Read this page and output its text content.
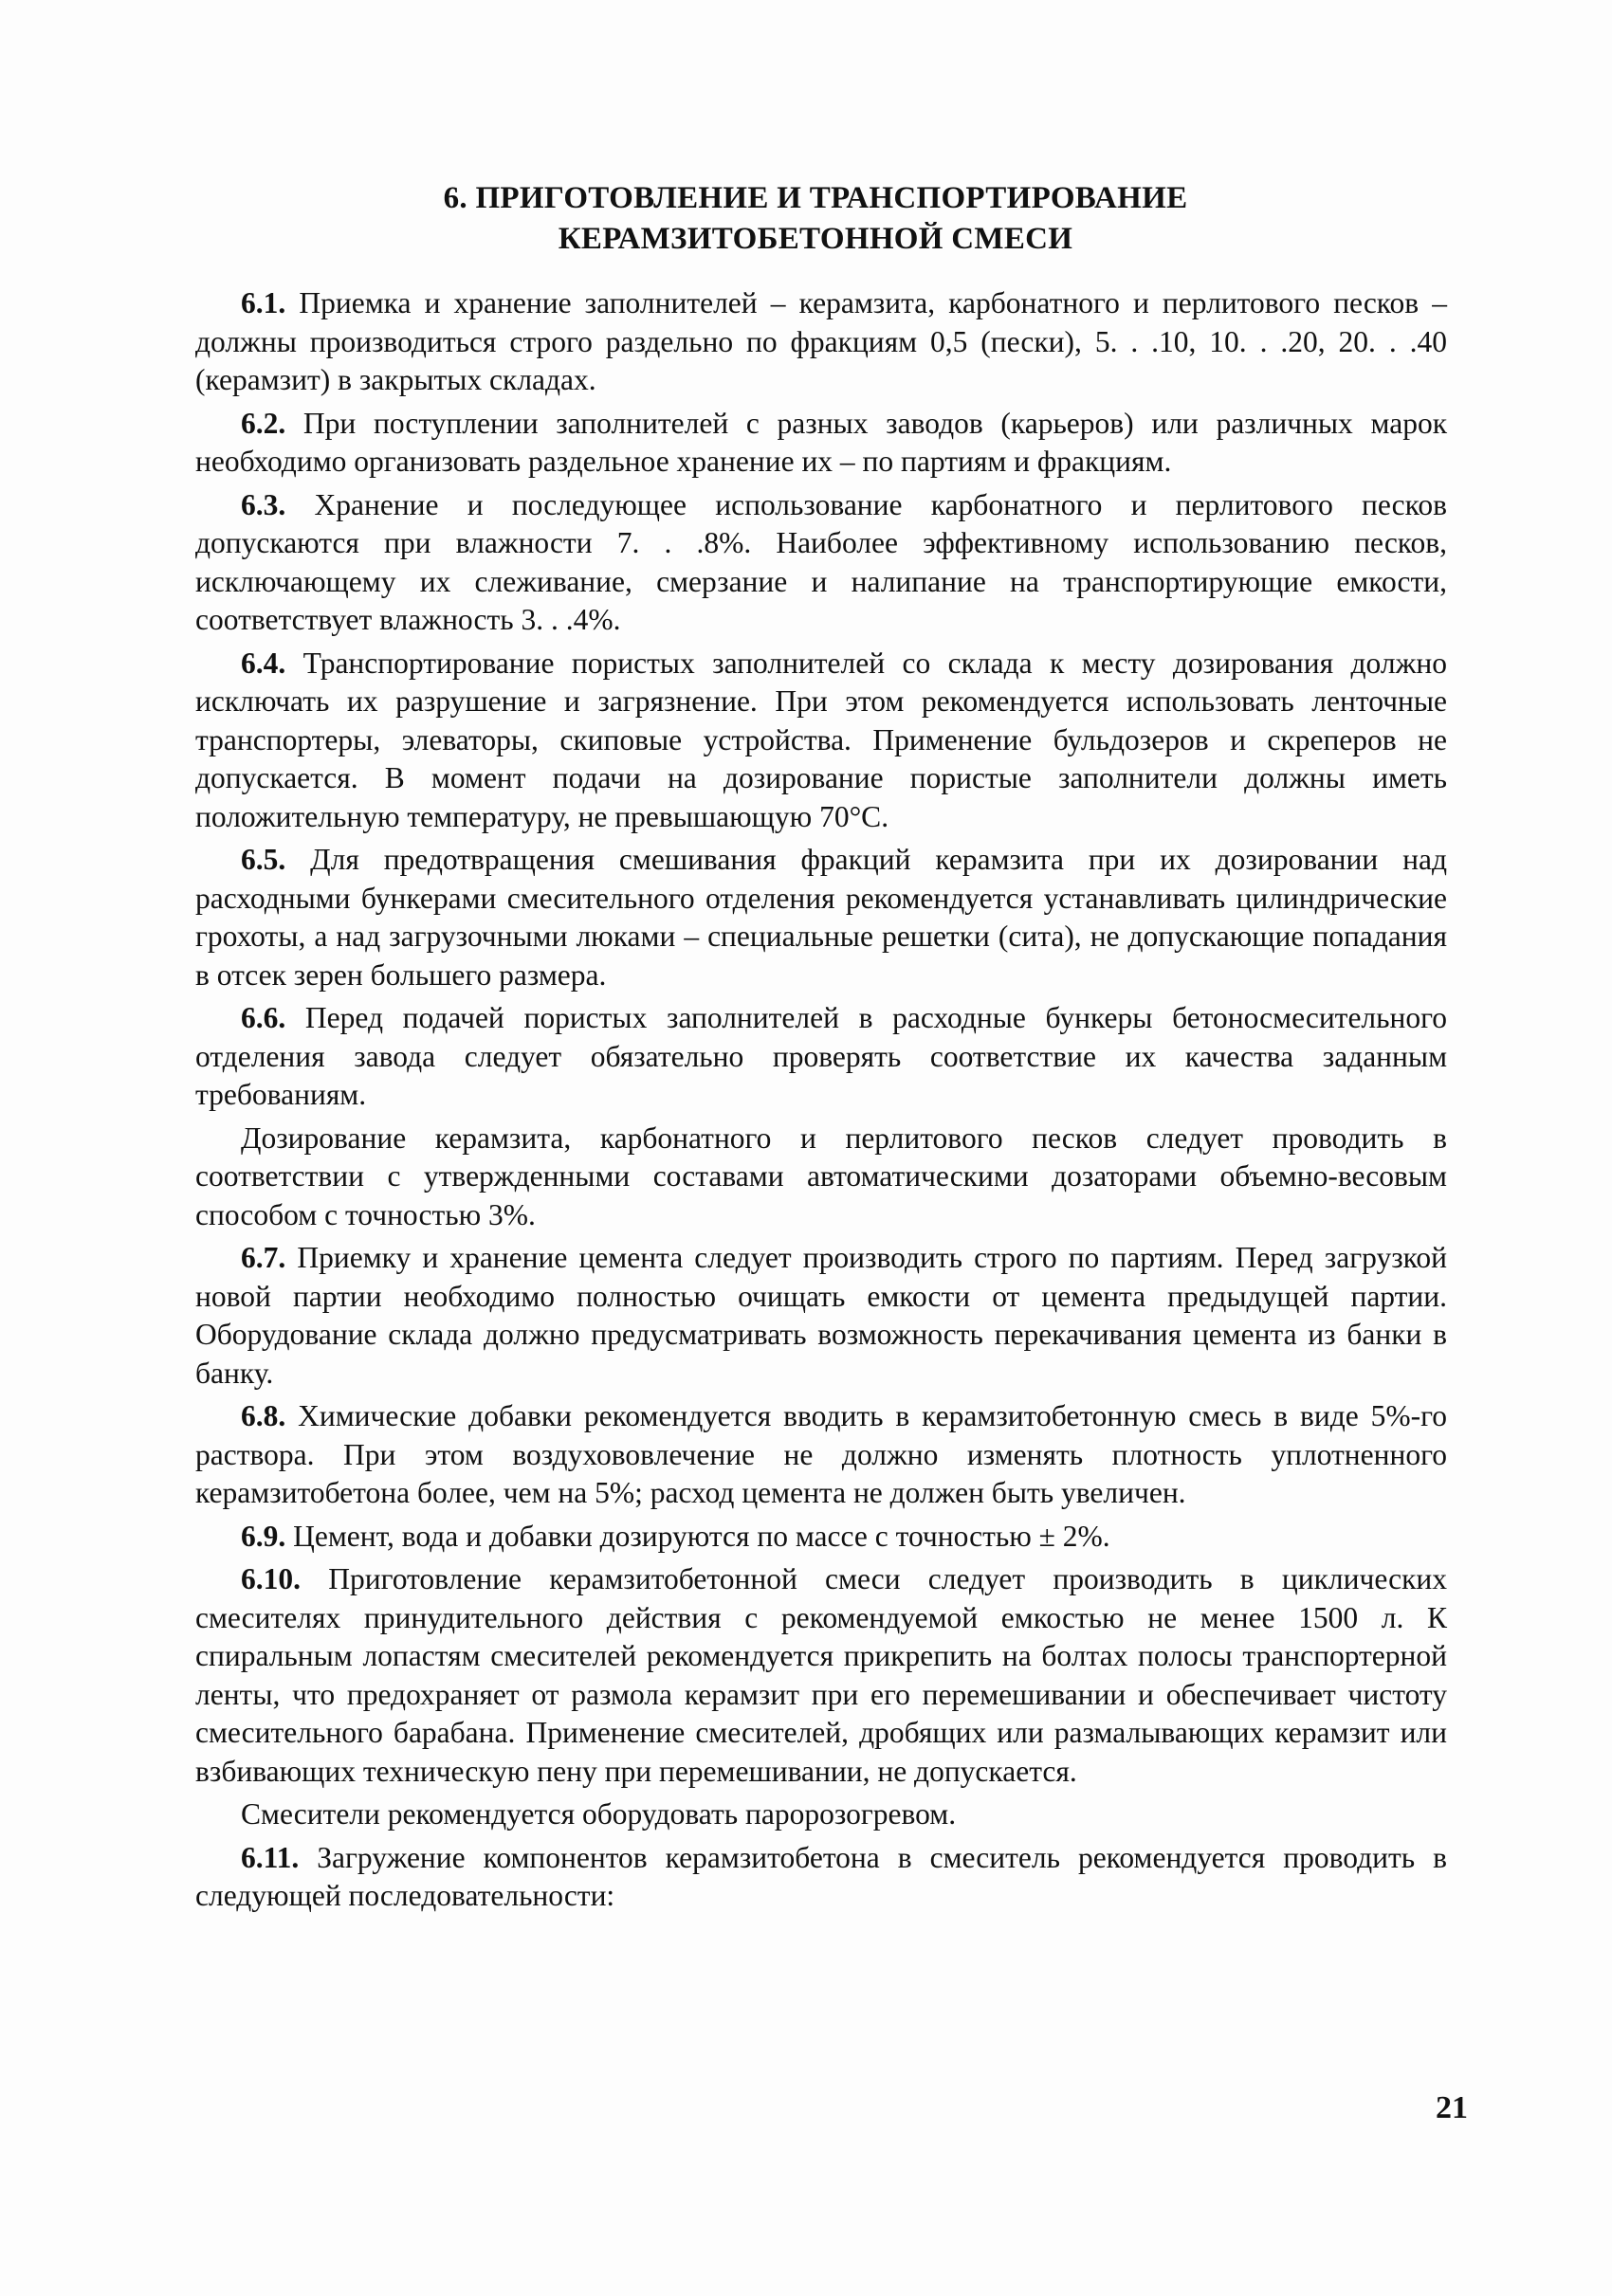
6. ПРИГОТОВЛЕНИЕ И ТРАНСПОРТИРОВАНИЕ
КЕРАМЗИТОБЕТОННОЙ СМЕСИ

6.1. Приемка и хранение заполнителей – керамзита, карбонатного и перлитового песков – должны производиться строго раздельно по фракциям 0,5 (пески), 5. . .10, 10. . .20, 20. . .40 (керамзит) в закрытых складах.

6.2. При поступлении заполнителей с разных заводов (карьеров) или различных марок необходимо организовать раздельное хранение их – по партиям и фракциям.

6.3. Хранение и последующее использование карбонатного и перлитового песков допускаются при влажности 7. . .8%. Наиболее эффективному использованию песков, исключающему их слеживание, смерзание и налипание на транспортирующие емкости, соответствует влажность 3. . .4%.

6.4. Транспортирование пористых заполнителей со склада к месту дозирования должно исключать их разрушение и загрязнение. При этом рекомендуется использовать ленточные транспортеры, элеваторы, скиповые устройства. Применение бульдозеров и скреперов не допускается. В момент подачи на дозирование пористые заполнители должны иметь положительную температуру, не превышающую 70°С.

6.5. Для предотвращения смешивания фракций керамзита при их дозировании над расходными бункерами смесительного отделения рекомендуется устанавливать цилиндрические грохоты, а над загрузочными люками – специальные решетки (сита), не допускающие попадания в отсек зерен большего размера.

6.6. Перед подачей пористых заполнителей в расходные бункеры бетоносмесительного отделения завода следует обязательно проверять соответствие их качества заданным требованиям.

Дозирование керамзита, карбонатного и перлитового песков следует проводить в соответствии с утвержденными составами автоматическими дозаторами объемно-весовым способом с точностью 3%.

6.7. Приемку и хранение цемента следует производить строго по партиям. Перед загрузкой новой партии необходимо полностью очищать емкости от цемента предыдущей партии. Оборудование склада должно предусматривать возможность перекачивания цемента из банки в банку.

6.8. Химические добавки рекомендуется вводить в керамзитобетонную смесь в виде 5%-го раствора. При этом воздухововлечение не должно изменять плотность уплотненного керамзитобетона более, чем на 5%; расход цемента не должен быть увеличен.

6.9. Цемент, вода и добавки дозируются по массе с точностью ± 2%.

6.10. Приготовление керамзитобетонной смеси следует производить в циклических смесителях принудительного действия с рекомендуемой емкостью не менее 1500 л. К спиральным лопастям смесителей рекомендуется прикрепить на болтах полосы транспортерной ленты, что предохраняет от размола керамзит при его перемешивании и обеспечивает чистоту смесительного барабана. Применение смесителей, дробящих или размалывающих керамзит или взбивающих техническую пену при перемешивании, не допускается.

Смесители рекомендуется оборудовать паророзогревом.

6.11. Загружение компонентов керамзитобетона в смеситель рекомендуется проводить в следующей последовательности:

21
